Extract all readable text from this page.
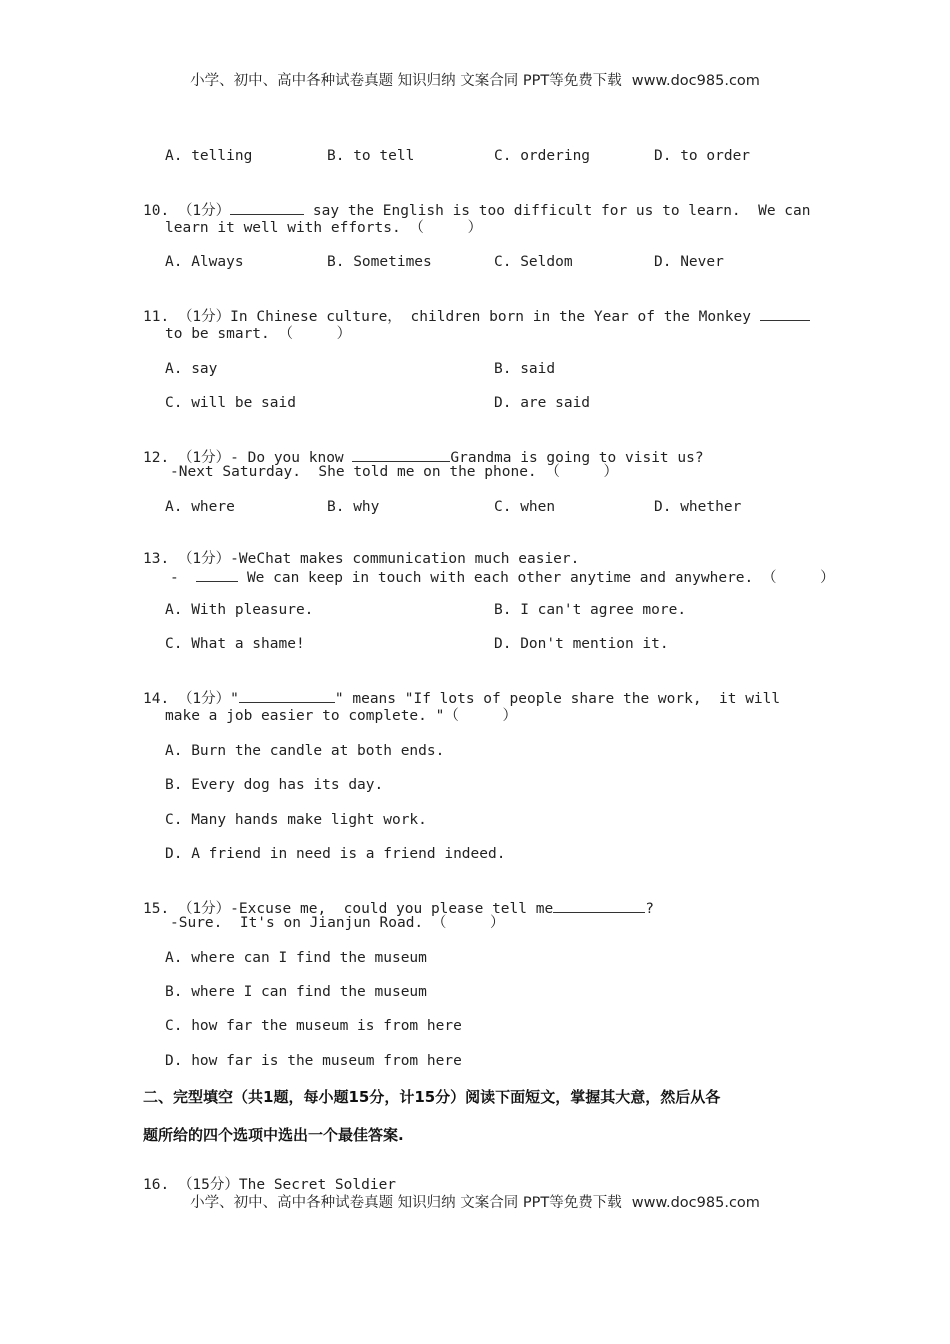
小学、初中、高中各种试卷真题 知识归纳 文案合同 PPT等免费下载 www.doc985.com
A. telling	B. to tell	C. ordering	D. to order

10. （1分）	say the English is too difficult for us to learn.  We can
learn it well with efforts. （     ）
A. Always	B. Sometimes	C. Seldom	D. Never

11. （1分）In Chinese culture， children born in the Year of the Monkey
to be smart. （     ）
A. say	B. said
C. will be said	D. are said

12. （1分）- Do you know	Grandma is going to visit us?
-Next Saturday.  She told me on the phone. （     ）
A. where	B. why	C. when	D. whether

13. （1分）-WeChat makes communication much easier.
-	We can keep in touch with each other anytime and anywhere. （     ）
A. With pleasure.	B. I can't agree more.
C. What a shame!	D. Don't mention it.

14. （1分）"	" means "If lots of people share the work,  it will
make a job easier to complete. "（     ）
A. Burn the candle at both ends.
B. Every dog has its day.
C. Many hands make light work.
D. A friend in need is a friend indeed.

15. （1分）-Excuse me,  could you please tell me	?
-Sure.  It's on Jianjun Road. （     ）
A. where can I find the museum
B. where I can find the museum
C. how far the museum is from here
D. how far is the museum from here
二、完型填空（共1题，每小题15分，计15分）阅读下面短文，掌握其大意，然后从各
题所给的四个选项中选出一个最佳答案.

16. （15分）The Secret Soldier
小学、初中、高中各种试卷真题 知识归纳 文案合同 PPT等免费下载 www.doc985.com
